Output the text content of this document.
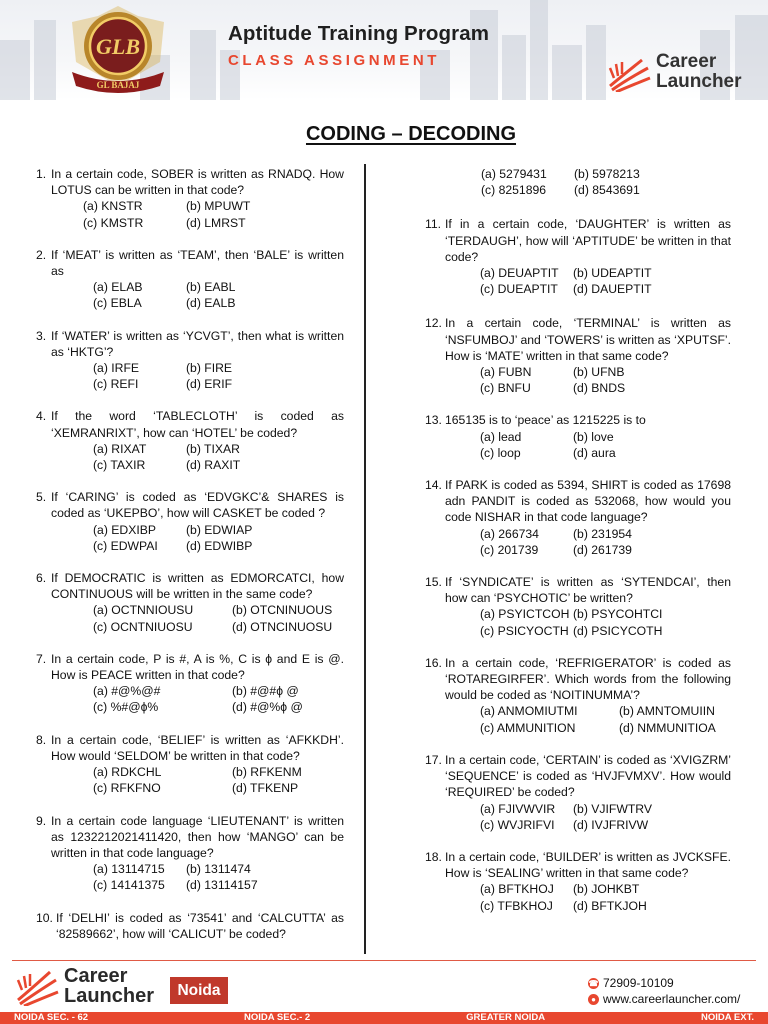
GLB
GL BAJAJ
Aptitude Training Program
CLASS ASSIGNMENT	Career
Launcher
CODING – DECODING
1. In a certain code, SOBER is written as RNADQ. How LOTUS can be written in that code?
(a) KNSTR	(b) MPUWT
(c) KMSTR	(d) LMRST
2. If ‘MEAT’ is written as ‘TEAM’, then ‘BALE’ is written as
(a) ELAB	(b) EABL
(c) EBLA	(d) EALB
3. If ‘WATER’ is written as ‘YCVGT’, then what is written as ‘HKTG’?
(a) IRFE	(b) FIRE
(c) REFI	(d) ERIF
4. If the word ‘TABLECLOTH’ is coded as ‘XEMRANRIXT’, how can ‘HOTEL’ be coded?
(a) RIXAT	(b) TIXAR
(c) TAXIR	(d) RAXIT
5. If ‘CARING’ is coded as ‘EDVGKC’& SHARES is coded as ‘UKEPBO’, how will CASKET be coded ?
(a) EDXIBP	(b) EDWIAP
(c) EDWPAI	(d) EDWIBP
6. If DEMOCRATIC is written as EDMORCATCI, how CONTINUOUS will be written in the same code?
(a) OCTNNIOUSU	(b) OTCNINUOUS
(c) OCNTNIUOSU	(d) OTNCINUOSU
7. In a certain code, P is #, A is %, C is ϕ and E is @. How is PEACE written in that code?
(a) #@%@#	(b) #@#ϕ @
(c) %#@ϕ%	(d) #@%ϕ @
8. In a certain code, ‘BELIEF’ is written as ‘AFKKDH’. How would ‘SELDOM’ be written in that code?
(a) RDKCHL	(b) RFKENM
(c) RFKFNO	(d) TFKENP
9. In a certain code language ‘LIEUTENANT’ is written as 1232212021411420, then how ‘MANGO’ can be written in that code language?
(a) 13114715	(b) 1311474
(c) 14141375	(d) 13114157
10. If ‘DELHI’ is coded as ‘73541’ and ‘CALCUTTA’ as ‘82589662’, how will ‘CALICUT’ be coded?
(a) 5279431	(b) 5978213
(c) 8251896	(d) 8543691
11. If in a certain code, ‘DAUGHTER’ is written as ‘TERDAUGH’, how will ‘APTITUDE’ be written in that code?
(a) DEUAPTIT	(b) UDEAPTIT
(c) DUEAPTIT	(d) DAUEPTIT
12. In a certain code, ‘TERMINAL’ is written as ‘NSFUMBOJ’ and ‘TOWERS’ is written as ‘XPUTSF’. How is ‘MATE’ written in that same code?
(a) FUBN	(b) UFNB
(c) BNFU	(d) BNDS
13. 165135 is to ‘peace’ as 1215225 is to
(a) lead	(b) love
(c) loop	(d) aura
14. If PARK is coded as 5394, SHIRT is coded as 17698 adn PANDIT is coded as 532068, how would you code NISHAR in that code language?
(a) 266734	(b) 231954
(c) 201739	(d) 261739
15. If ‘SYNDICATE’ is written as ‘SYTENDCAI’, then how can ‘PSYCHOTIC’ be written?
(a) PSYICTCOH (b) PSYCOHTCI
(c) PSICYOCTH (d) PSICYCOTH
16. In a certain code, ‘REFRIGERATOR’ is coded as ‘ROTAREGIRFER’. Which words from the following would be coded as ‘NOITINUMMA’?
(a) ANMOMIUTMI	(b) AMNTOMUIIN
(c) AMMUNITION	(d) NMMUNITIOA
17. In a certain code, ‘CERTAIN’ is coded as ‘XVIGZRM’ ‘SEQUENCE’ is coded as ‘HVJFVMXV’. How would ‘REQUIRED’ be coded?
(a) FJIVWVIR	(b) VJIFWTRV
(c) WVJRIFVI	(d) IVJFRIVW
18. In a certain code, ‘BUILDER’ is written as JVCKSFE. How is ‘SEALING’ written in that same code?
(a) BFTKHOJ	(b) JOHKBT
(c) TFBKHOJ	(d) BFTKJOH
Career
Launcher	Noida	☎ 72909-10109
● www.careerlauncher.com/
NOIDA SEC. - 62	NOIDA SEC.- 2	GREATER NOIDA	NOIDA EXT.
